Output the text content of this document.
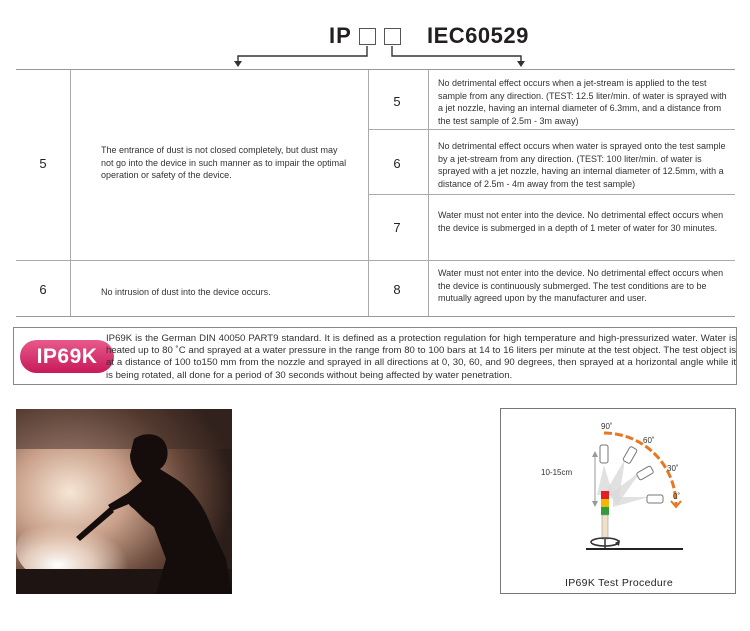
IP	IEC60529
5
The entrance of dust is not closed completely, but dust may not go into the device in such manner as to impair the optimal operation or safety of the device.
6	No intrusion of dust into the device occurs.
5
No detrimental effect occurs when a jet-stream is applied to the test sample from any direction. (TEST: 12.5 liter/min. of water is sprayed with a jet nozzle, having an internal diameter of 6.3mm, and a distance from the test sample of 2.5m - 3m away)
6
No detrimental effect occurs when water is sprayed onto the test sample by a jet-stream from any direction. (TEST: 100 liter/min. of water is sprayed with a jet nozzle, having an internal diameter of 12.5mm, with a distance of 2.5m - 4m away from the test sample)
7
Water must not enter into the device. No detrimental effect occurs when the device is submerged in a depth of 1 meter of water for 30 minutes.
8
Water must not enter into the device. No detrimental effect occurs when the device is continuously submerged. The test conditions are to be mutually agreed upon by the manufacturer and user.
IP69K
IP69K is the German DIN 40050 PART9 standard. It is defined as a protection regulation for high temperature and high-pressurized water. Water is heated up to 80 ˚C and sprayed at a water pressure in the range from 80 to 100 bars at 14 to 16 liters per minute at the test object. The test object is at a distance of 100 to150 mm from the nozzle and sprayed in all directions at 0, 30, 60, and 90 degrees, then sprayed at a horizontal angle while it is being rotated, all done for a period of 30 seconds without being affected by water penetration.
10-15cm
90˚
60˚
30˚
0˚
IP69K Test Procedure
